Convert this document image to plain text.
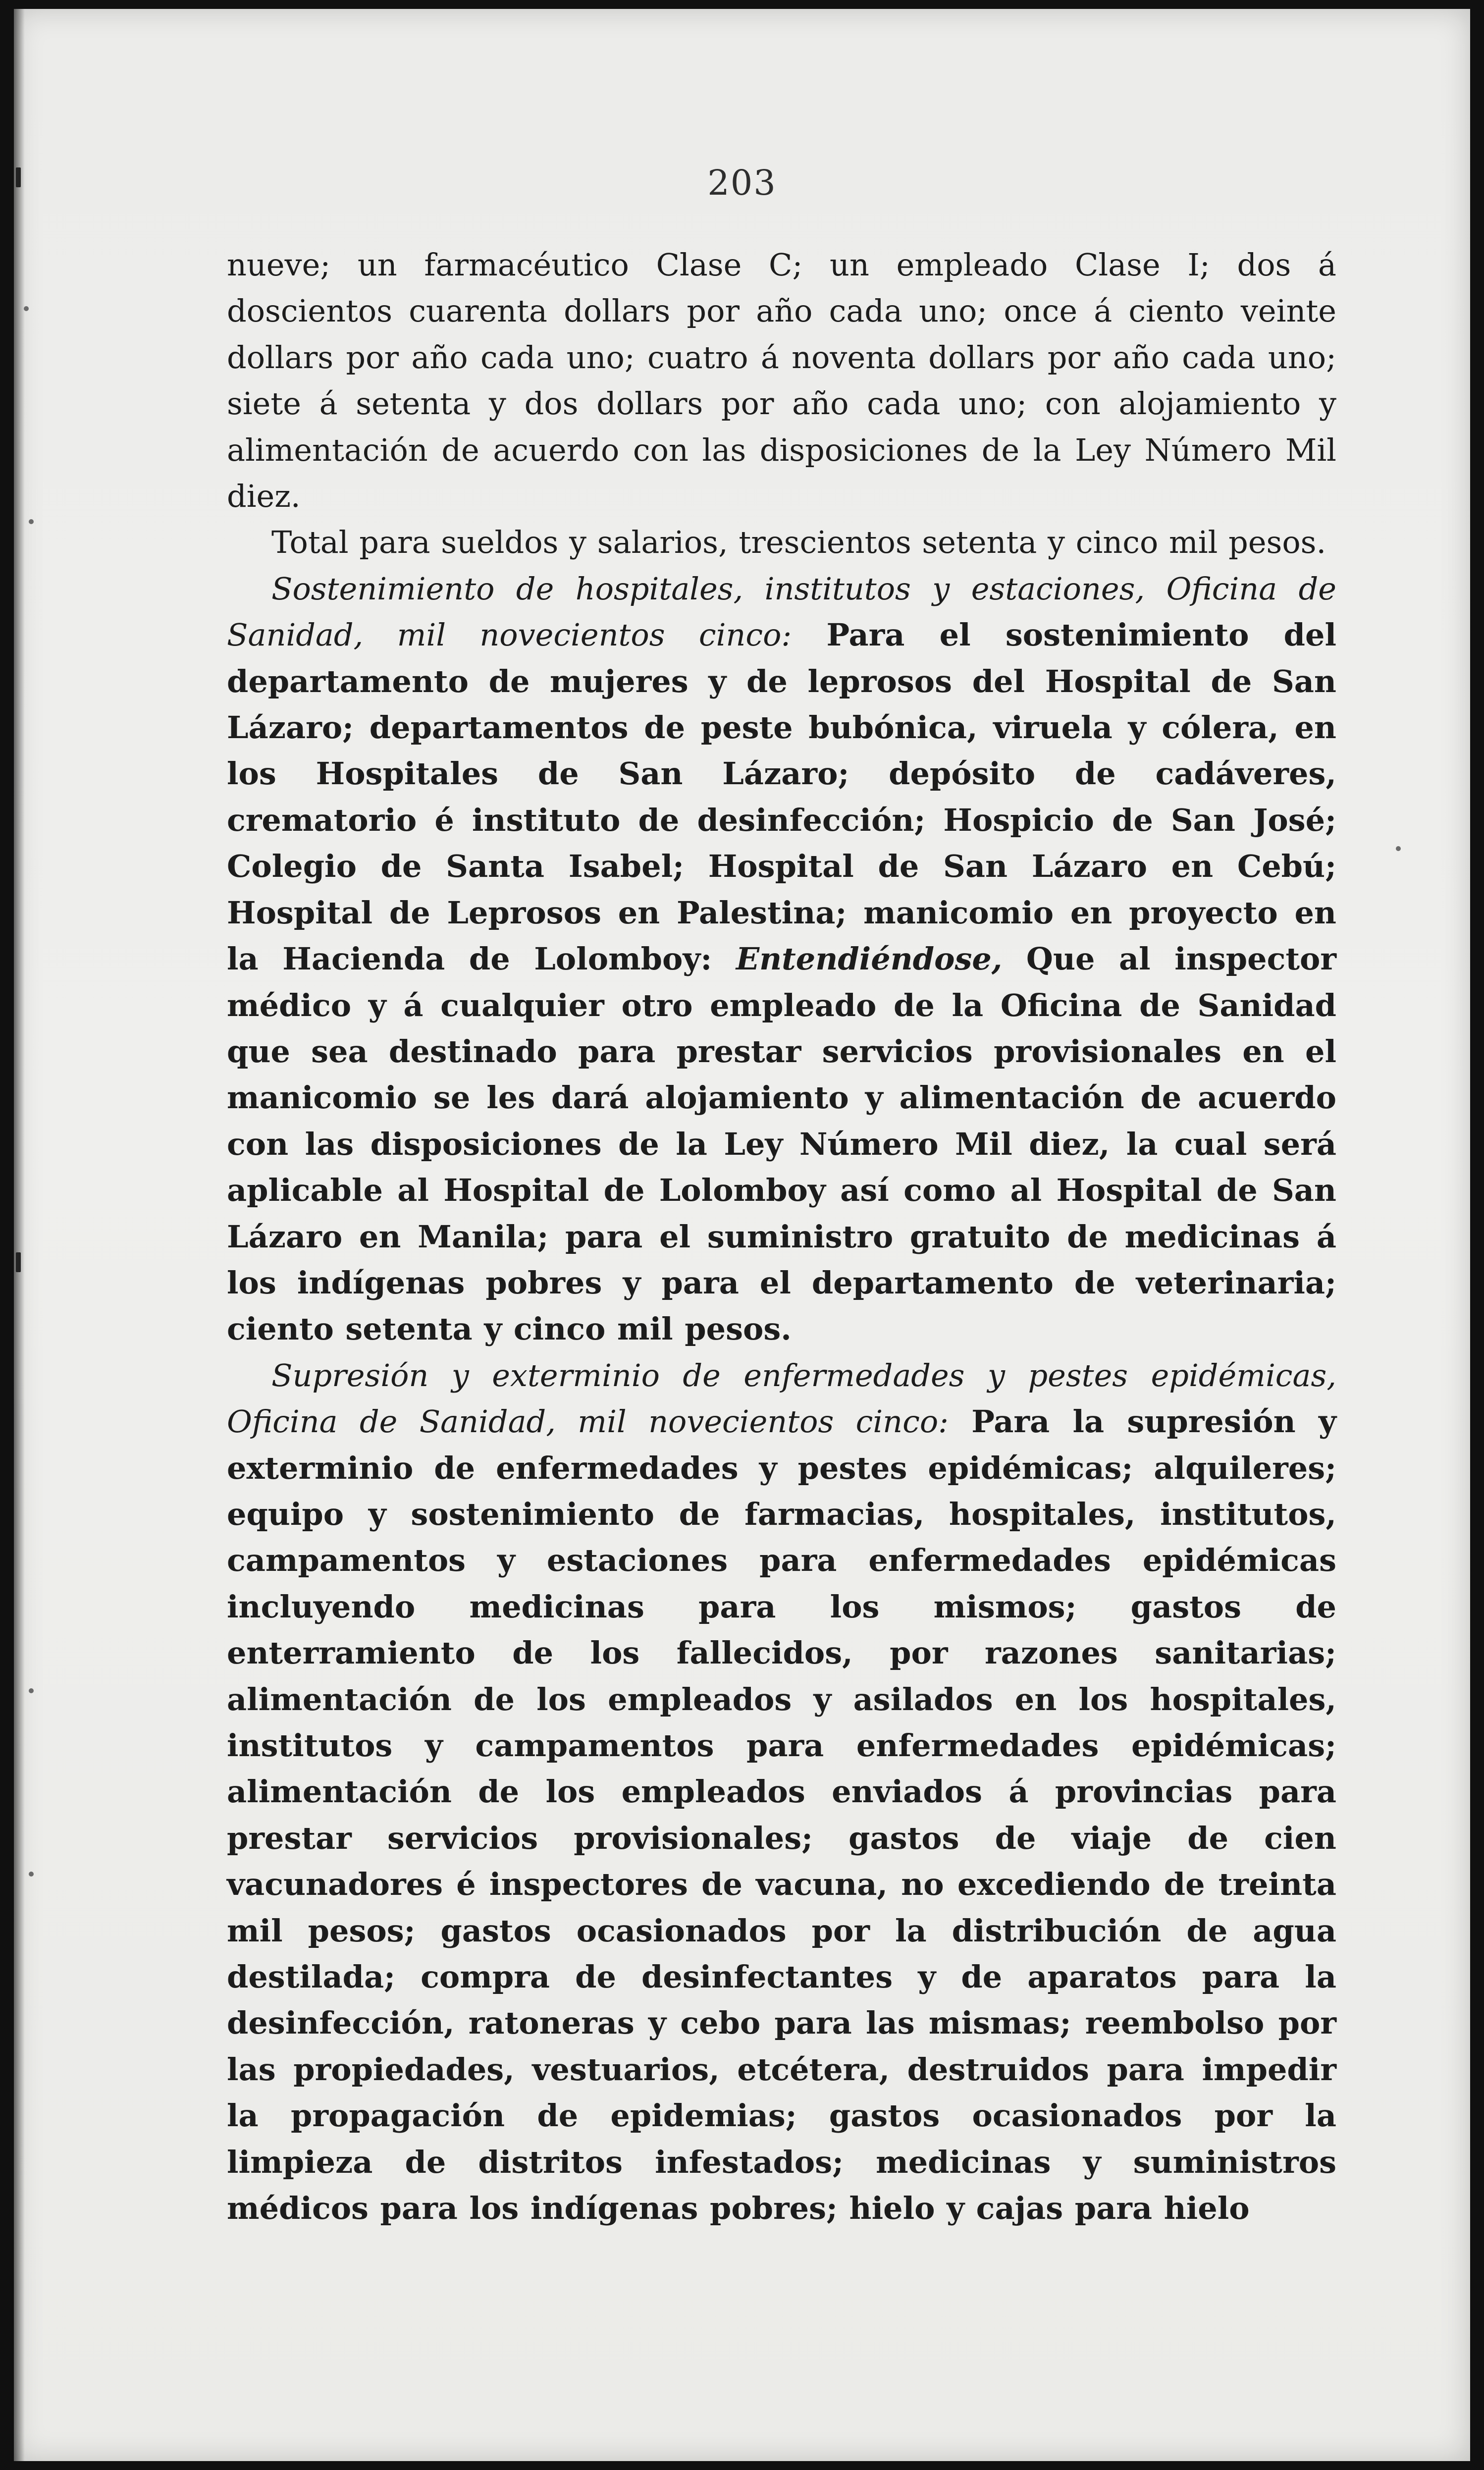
203

nueve; un farmacéutico Clase C; un empleado Clase I; dos á doscientos cuarenta dollars por año cada uno; once á ciento veinte dollars por año cada uno; cuatro á noventa dollars por año cada uno; siete á setenta y dos dollars por año cada uno; con alojamiento y alimentación de acuerdo con las disposiciones de la Ley Número Mil diez.

Total para sueldos y salarios, trescientos setenta y cinco mil pesos.

Sostenimiento de hospitales, institutos y estaciones, Oficina de Sanidad, mil novecientos cinco: Para el sostenimiento del departamento de mujeres y de leprosos del Hospital de San Lázaro; departamentos de peste bubónica, viruela y cólera, en los Hospitales de San Lázaro; depósito de cadáveres, crematorio é instituto de desinfección; Hospicio de San José; Colegio de Santa Isabel; Hospital de San Lázaro en Cebú; Hospital de Leprosos en Palestina; manicomio en proyecto en la Hacienda de Lolomboy: Entendiéndose, Que al inspector médico y á cualquier otro empleado de la Oficina de Sanidad que sea destinado para prestar servicios provisionales en el manicomio se les dará alojamiento y alimentación de acuerdo con las disposiciones de la Ley Número Mil diez, la cual será aplicable al Hospital de Lolomboy así como al Hospital de San Lázaro en Manila; para el suministro gratuito de medicinas á los indígenas pobres y para el departamento de veterinaria; ciento setenta y cinco mil pesos.

Supresión y exterminio de enfermedades y pestes epidémicas, Oficina de Sanidad, mil novecientos cinco: Para la supresión y exterminio de enfermedades y pestes epidémicas; alquileres; equipo y sostenimiento de farmacias, hospitales, institutos, campamentos y estaciones para enfermedades epidémicas incluyendo medicinas para los mismos; gastos de enterramiento de los fallecidos, por razones sanitarias; alimentación de los empleados y asilados en los hospitales, institutos y campamentos para enfermedades epidémicas; alimentación de los empleados enviados á provincias para prestar servicios provisionales; gastos de viaje de cien vacunadores é inspectores de vacuna, no excediendo de treinta mil pesos; gastos ocasionados por la distribución de agua destilada; compra de desinfectantes y de aparatos para la desinfección, ratoneras y cebo para las mismas; reembolso por las propiedades, vestuarios, etcétera, destruidos para impedir la propagación de epidemias; gastos ocasionados por la limpieza de distritos infestados; medicinas y suministros médicos para los indígenas pobres; hielo y cajas para hielo
